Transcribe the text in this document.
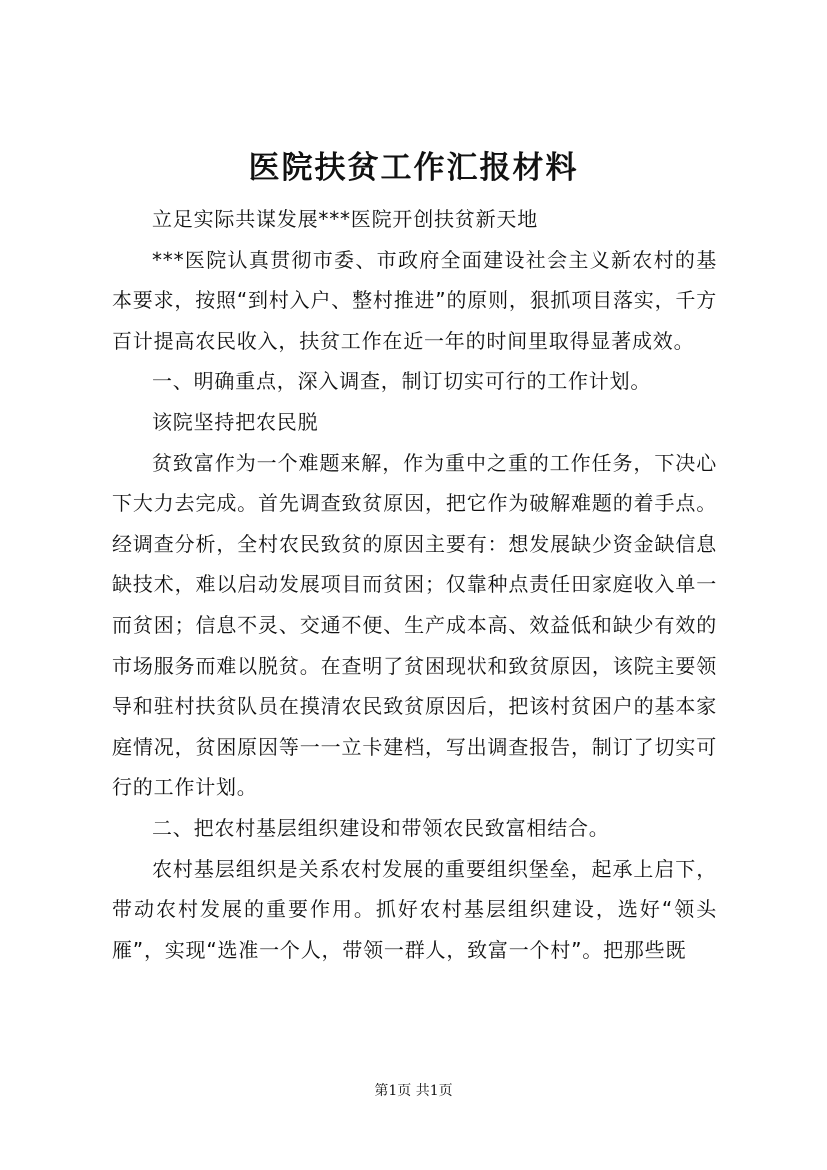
医院扶贫工作汇报材料

立足实际共谋发展***医院开创扶贫新天地

***医院认真贯彻市委、市政府全面建设社会主义新农村的基本要求，按照“到村入户、整村推进”的原则，狠抓项目落实，千方百计提高农民收入，扶贫工作在近一年的时间里取得显著成效。

一、明确重点，深入调查，制订切实可行的工作计划。

该院坚持把农民脱

贫致富作为一个难题来解，作为重中之重的工作任务，下决心下大力去完成。首先调查致贫原因，把它作为破解难题的着手点。经调查分析，全村农民致贫的原因主要有：想发展缺少资金缺信息缺技术，难以启动发展项目而贫困；仅靠种点责任田家庭收入单一而贫困；信息不灵、交通不便、生产成本高、效益低和缺少有效的市场服务而难以脱贫。在查明了贫困现状和致贫原因，该院主要领导和驻村扶贫队员在摸清农民致贫原因后，把该村贫困户的基本家庭情况，贫困原因等一一立卡建档，写出调查报告，制订了切实可行的工作计划。

二、把农村基层组织建设和带领农民致富相结合。

农村基层组织是关系农村发展的重要组织堡垒，起承上启下，带动农村发展的重要作用。抓好农村基层组织建设，选好“领头雁”，实现“选准一个人，带领一群人，致富一个村”。把那些既

第1页 共1页
